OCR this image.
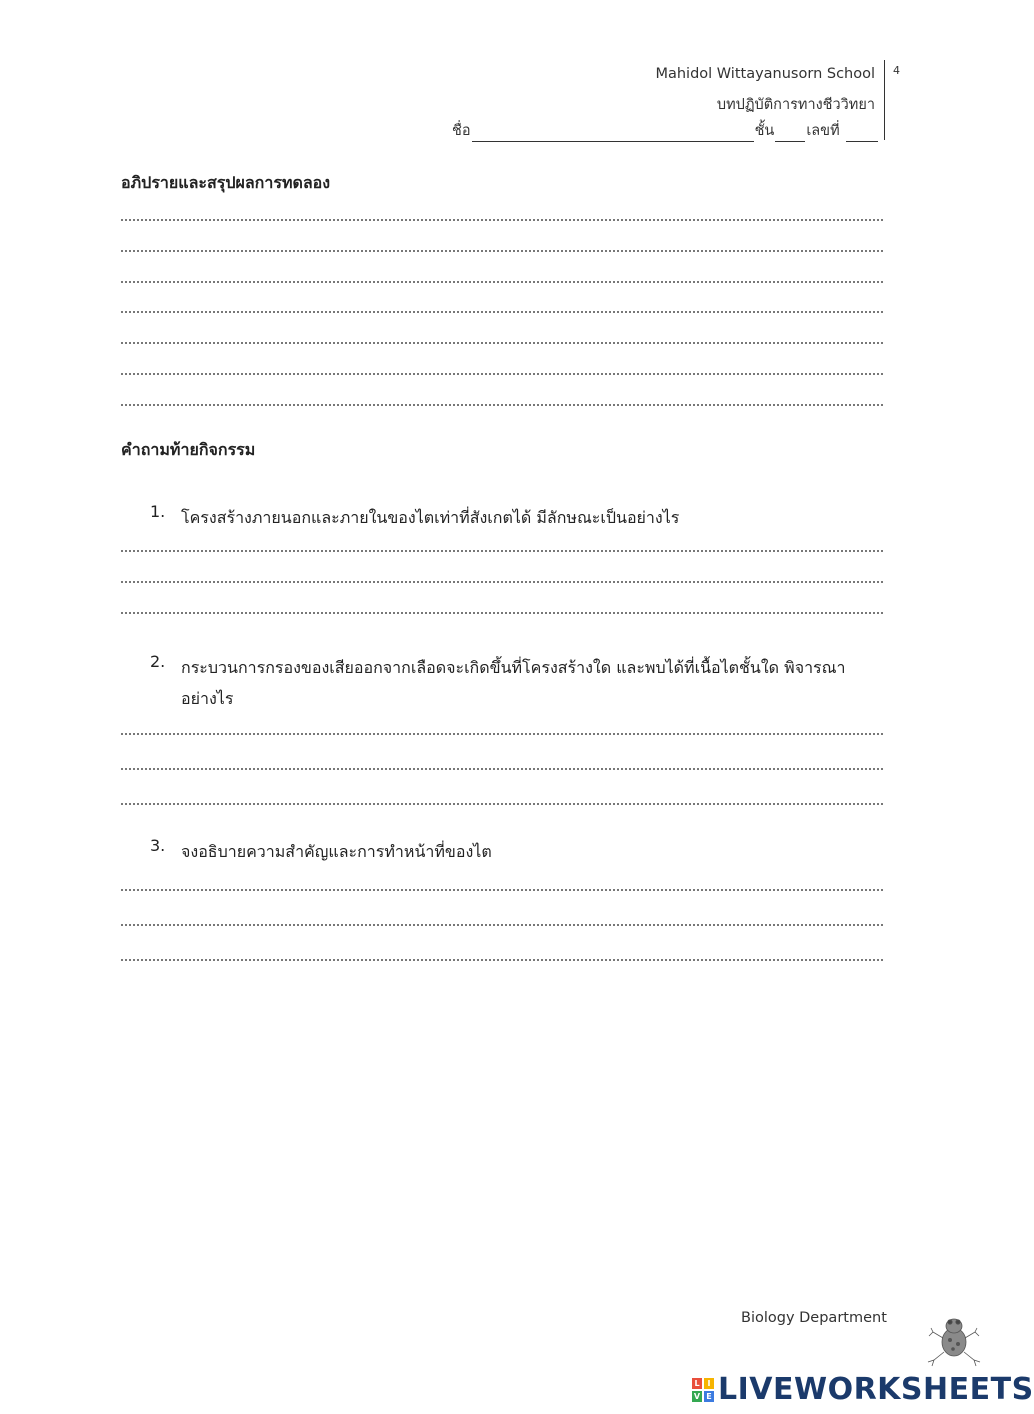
4
Mahidol Wittayanusorn School
บทปฏิบัติการทางชีววิทยา
ชื่อ	ชั้น เลขที่
อภิปรายและสรุปผลการทดลอง
คำถามท้ายกิจกรรม
1. โครงสร้างภายนอกและภายในของไตเท่าที่สังเกตได้ มีลักษณะเป็นอย่างไร
2. กระบวนการกรองของเสียออกจากเลือดจะเกิดขึ้นที่โครงสร้างใด และพบได้ที่เนื้อไตชั้นใด พิจารณาอย่างไร
3. จงอธิบายความสำคัญและการทำหน้าที่ของไต
Biology Department
L I
V E LIVEWORKSHEETS
